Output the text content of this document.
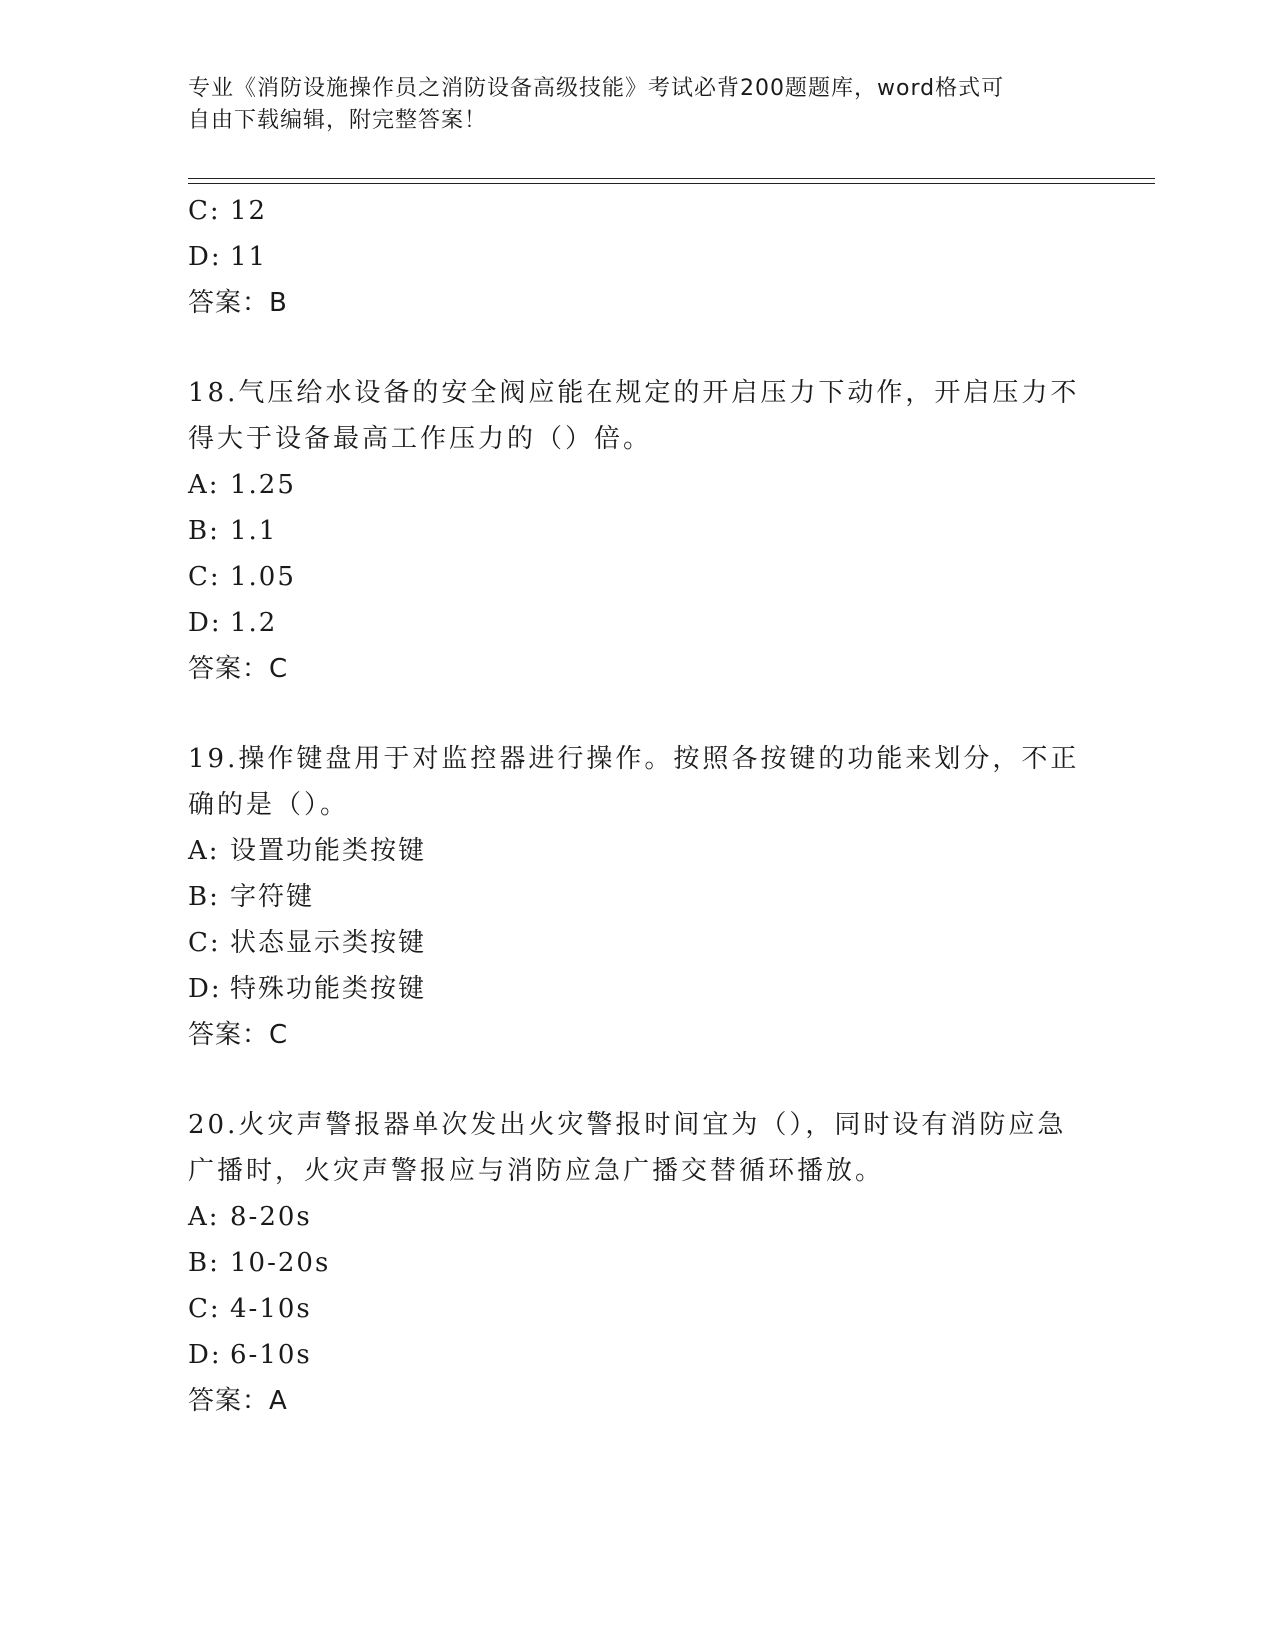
专业《消防设施操作员之消防设备高级技能》考试必背200题题库，word格式可
自由下载编辑，附完整答案！
C: 12
D: 11
答案：B
18.气压给水设备的安全阀应能在规定的开启压力下动作，开启压力不
得大于设备最高工作压力的（）倍。
A: 1.25
B: 1.1
C: 1.05
D: 1.2
答案：C
19.操作键盘用于对监控器进行操作。按照各按键的功能来划分，不正
确的是（）。
A: 设置功能类按键
B: 字符键
C: 状态显示类按键
D: 特殊功能类按键
答案：C
20.火灾声警报器单次发出火灾警报时间宜为（），同时设有消防应急
广播时，火灾声警报应与消防应急广播交替循环播放。
A: 8-20s
B: 10-20s
C: 4-10s
D: 6-10s
答案：A
